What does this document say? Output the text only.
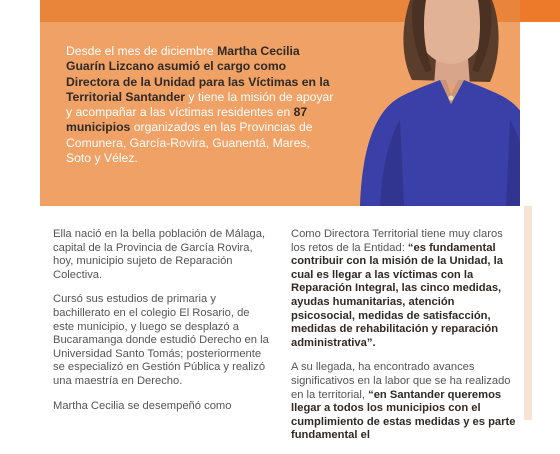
Desde el mes de diciembre Martha Cecilia Guarín Lizcano asumió el cargo como Directora de la Unidad para las Víctimas en la Territorial Santander y tiene la misión de apoyar y acompañar a las víctimas residentes en 87 municipios organizados en las Provincias de Comunera, García-Rovira, Guanentá, Mares, Soto y Vélez.

Ella nació en la bella población de Málaga, capital de la Provincia de García Rovira, hoy, municipio sujeto de Reparación Colectiva.

Cursó sus estudios de primaria y bachillerato en el colegio El Rosario, de este municipio, y luego se desplazó a Bucaramanga donde estudió Derecho en la Universidad Santo Tomás; posteriormente se especializó en Gestión Pública y realizó una maestría en Derecho.

Martha Cecilia se desempeñó como

Como Directora Territorial tiene muy claros los retos de la Entidad: “es fundamental contribuir con la misión de la Unidad, la cual es llegar a las víctimas con la Reparación Integral, las cinco medidas, ayudas humanitarias, atención psicosocial, medidas de satisfacción, medidas de rehabilitación y reparación administrativa”.

A su llegada, ha encontrado avances significativos en la labor que se ha realizado en la territorial, “en Santander queremos llegar a todos los municipios con el cumplimiento de estas medidas y es parte fundamental el
